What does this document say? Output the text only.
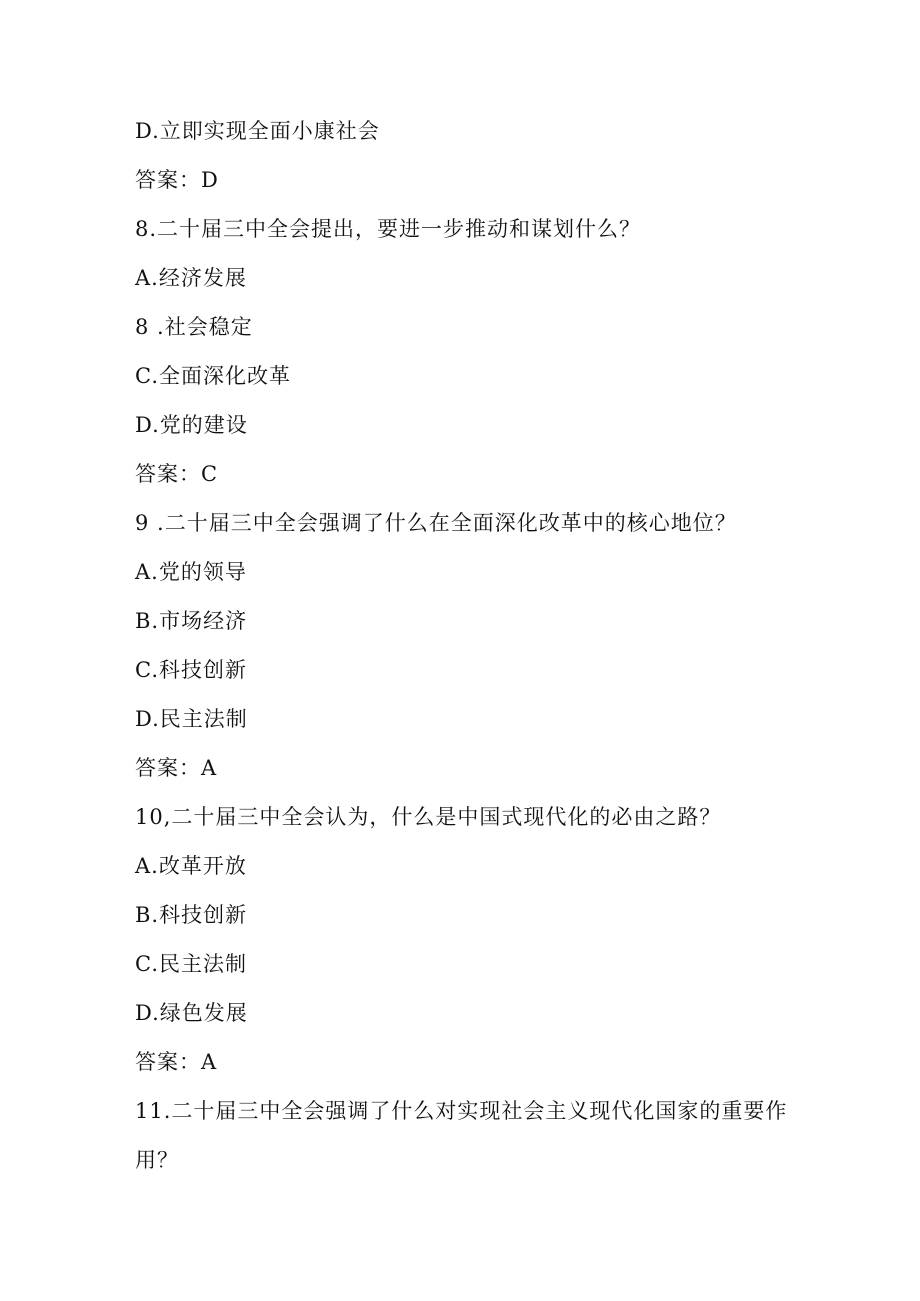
D.立即实现全面小康社会
答案：D
8.二十届三中全会提出，要进一步推动和谋划什么？
A.经济发展
8 .社会稳定
C.全面深化改革
D.党的建设
答案：C
9 .二十届三中全会强调了什么在全面深化改革中的核心地位？
A.党的领导
B.市场经济
C.科技创新
D.民主法制
答案：A
10,二十届三中全会认为，什么是中国式现代化的必由之路？
A.改革开放
B.科技创新
C.民主法制
D.绿色发展
答案：A
11.二十届三中全会强调了什么对实现社会主义现代化国家的重要作
用？
